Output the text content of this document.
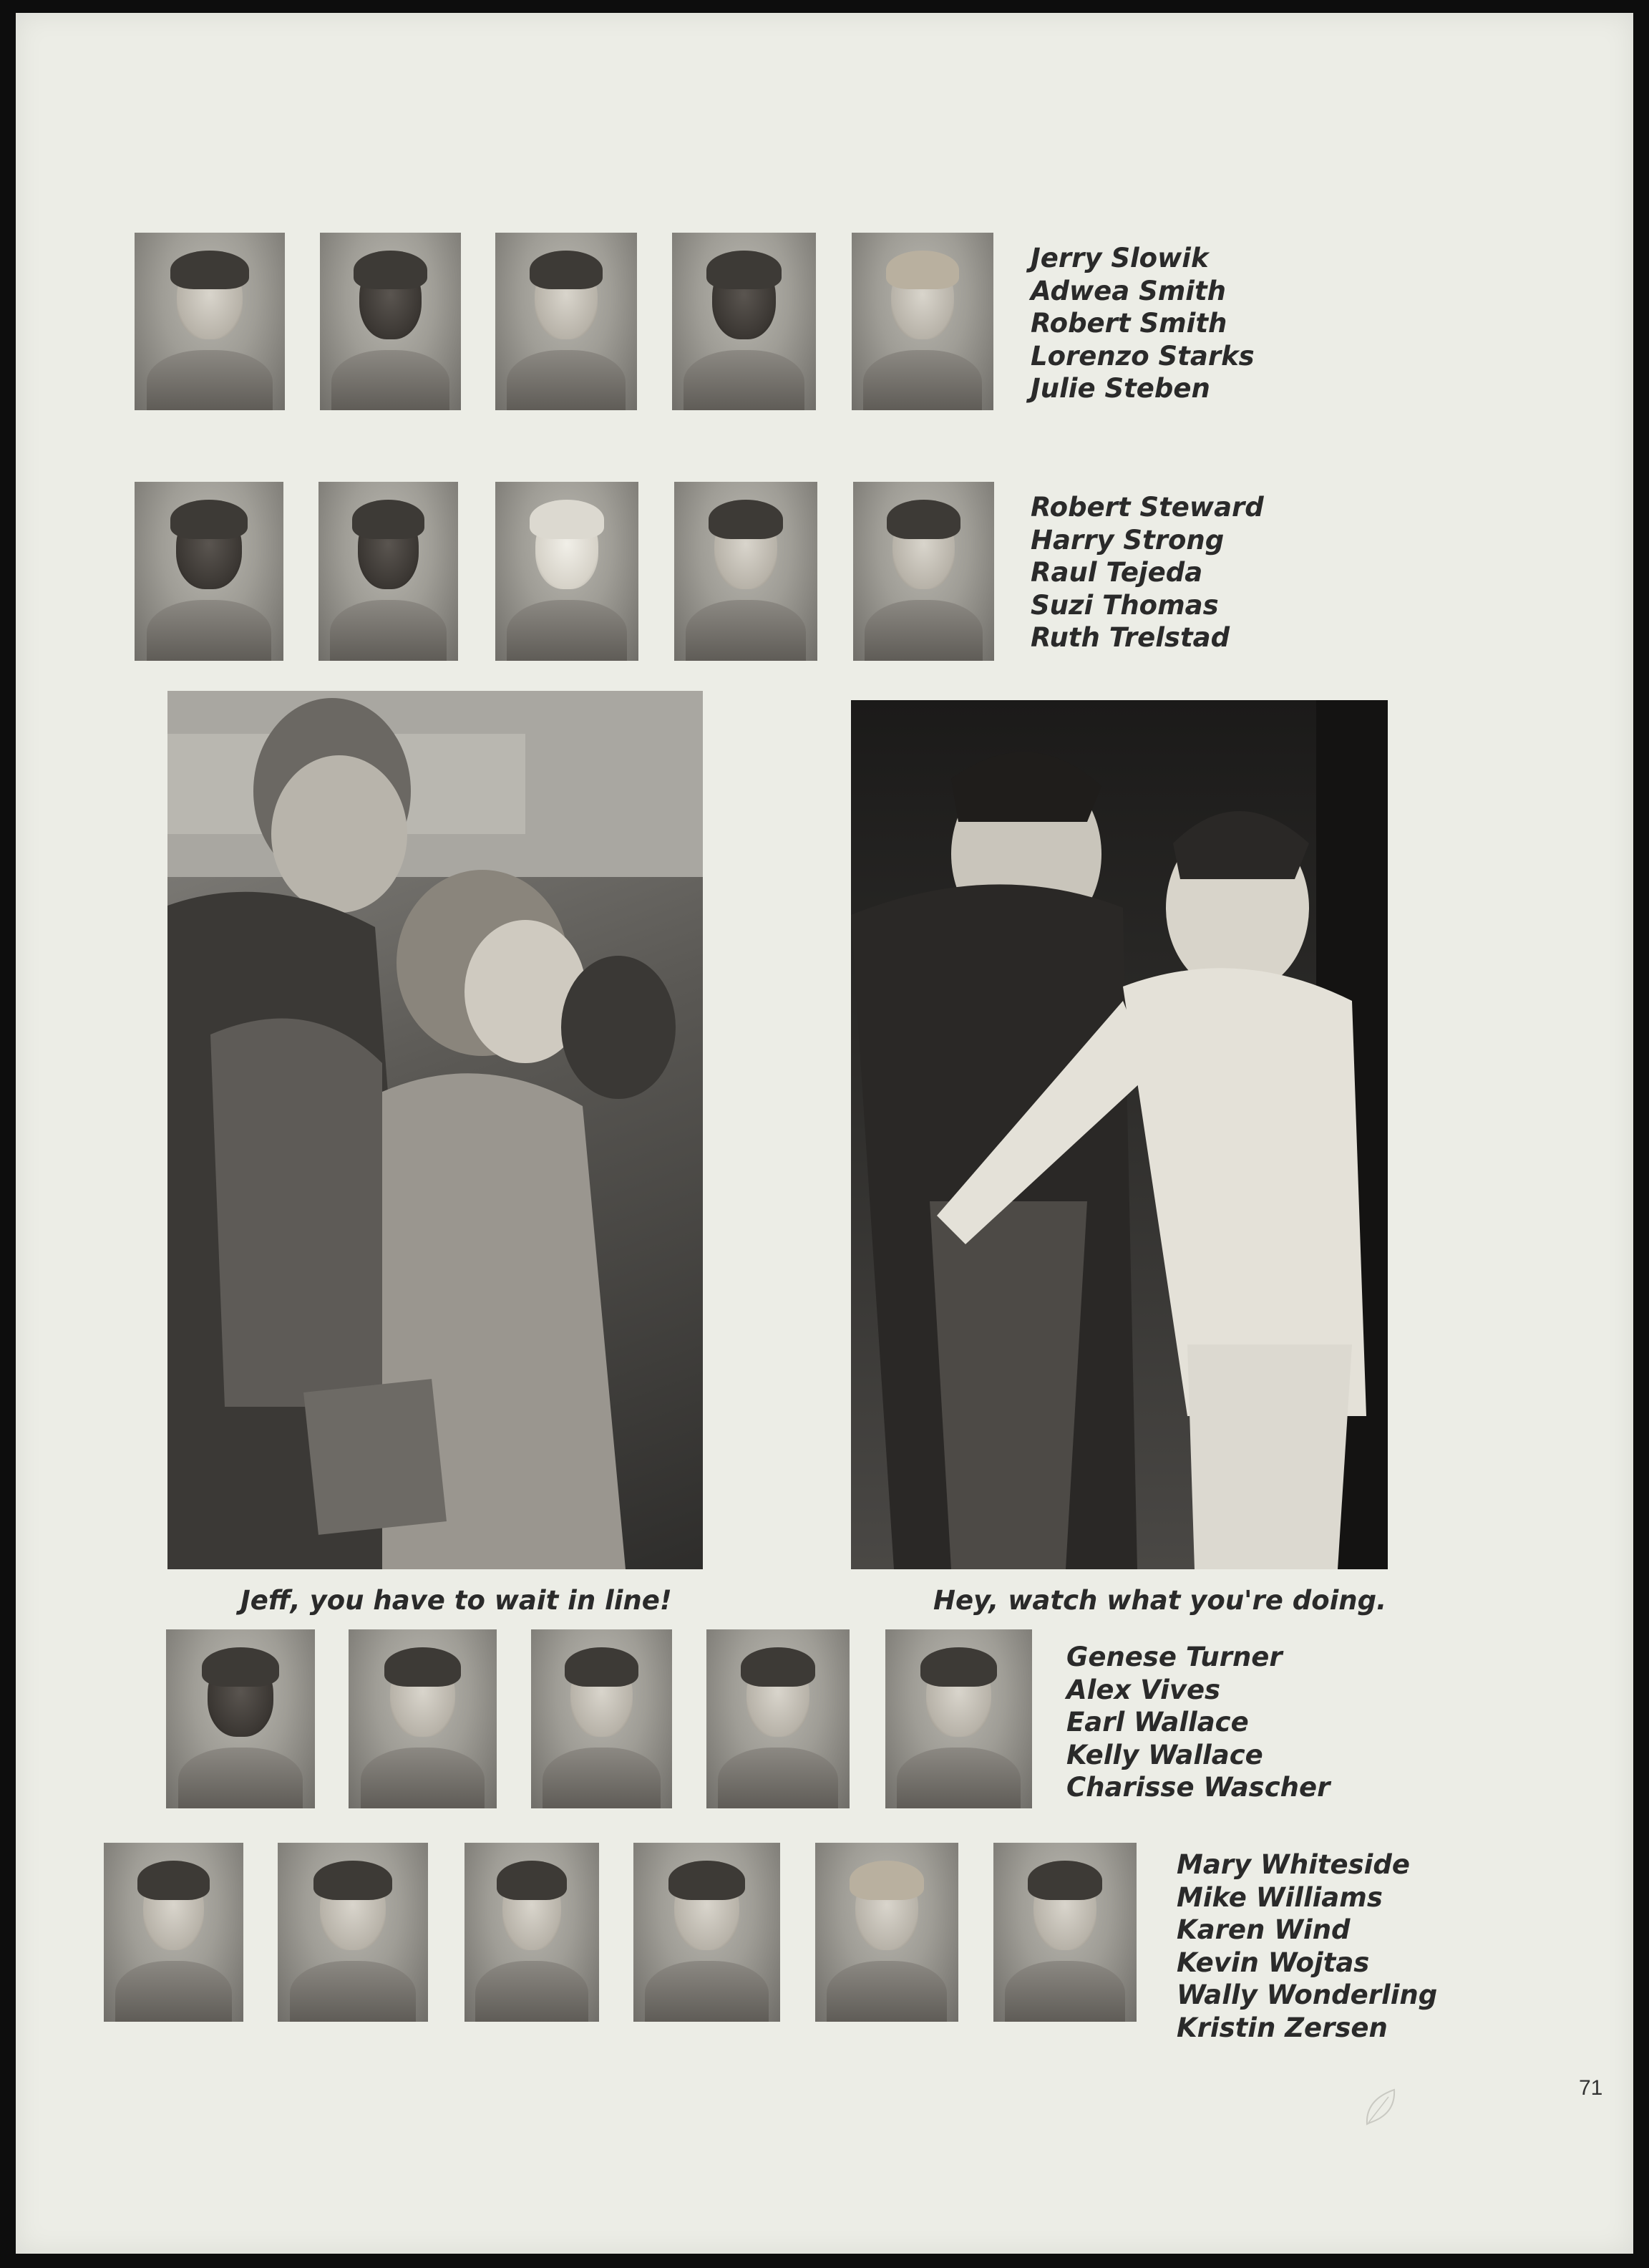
Jerry Slowik
Adwea Smith
Robert Smith
Lorenzo Starks
Julie Steben
Robert Steward
Harry Strong
Raul Tejeda
Suzi Thomas
Ruth Trelstad
Jeff, you have to wait in line!	Hey, watch what you're doing.
Genese Turner
Alex Vives
Earl Wallace
Kelly Wallace
Charisse Wascher
Mary Whiteside
Mike Williams
Karen Wind
Kevin Wojtas
Wally Wonderling
Kristin Zersen
71
